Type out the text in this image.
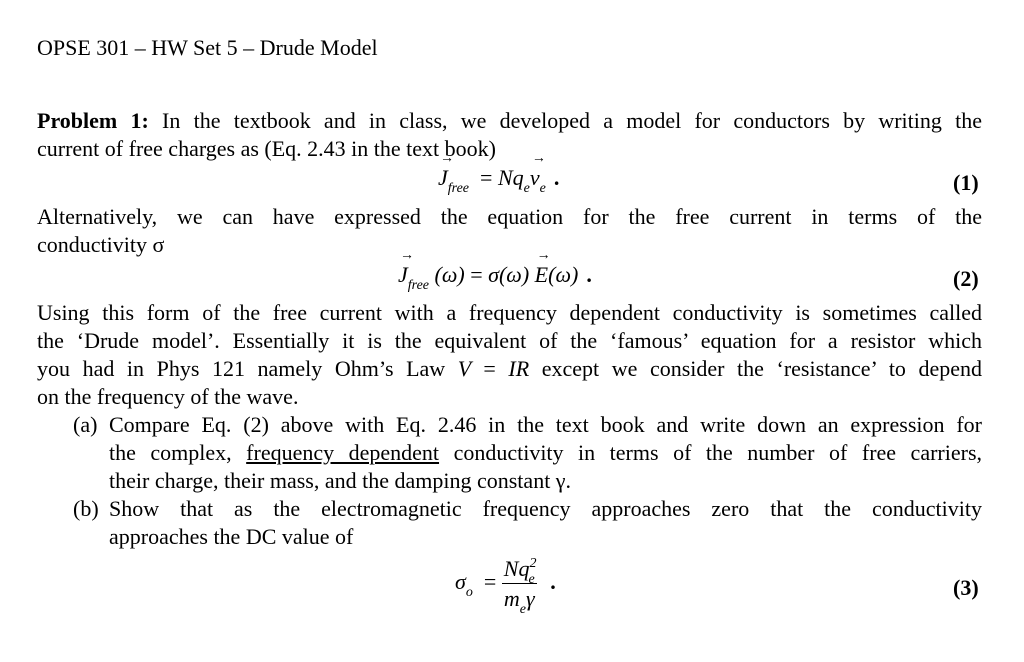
OPSE 301 – HW Set 5 – Drude Model
Problem 1: In the textbook and in class, we developed a model for conductors by writing the
current of free charges as (Eq. 2.43 in the text book)
→ $J_{free} = Nq_e\to v_e$ .	(1)
Alternatively, we can have expressed the equation for the free current in terms of the
conductivity σ
→ $J_{free}$ (ω) = σ(ω) → E(ω) .	(2)
Using this form of the free current with a frequency dependent conductivity is sometimes called
the ‘Drude model’. Essentially it is the equivalent of the ‘famous’ equation for a resistor which
you had in Phys 121 namely Ohm’s Law V = IR except we consider the ‘resistance’ to depend
on the frequency of the wave.
(a) Compare Eq. (2) above with Eq. 2.46 in the text book and write down an expression for
the complex, frequency dependent conductivity in terms of the number of free carriers,
their charge, their mass, and the damping constant γ.
(b) Show that as the electromagnetic frequency approaches zero that the conductivity
approaches the DC value of
$\sigma_o = \frac{Nq^2_e}{m_e\gamma}$ .	(3)
